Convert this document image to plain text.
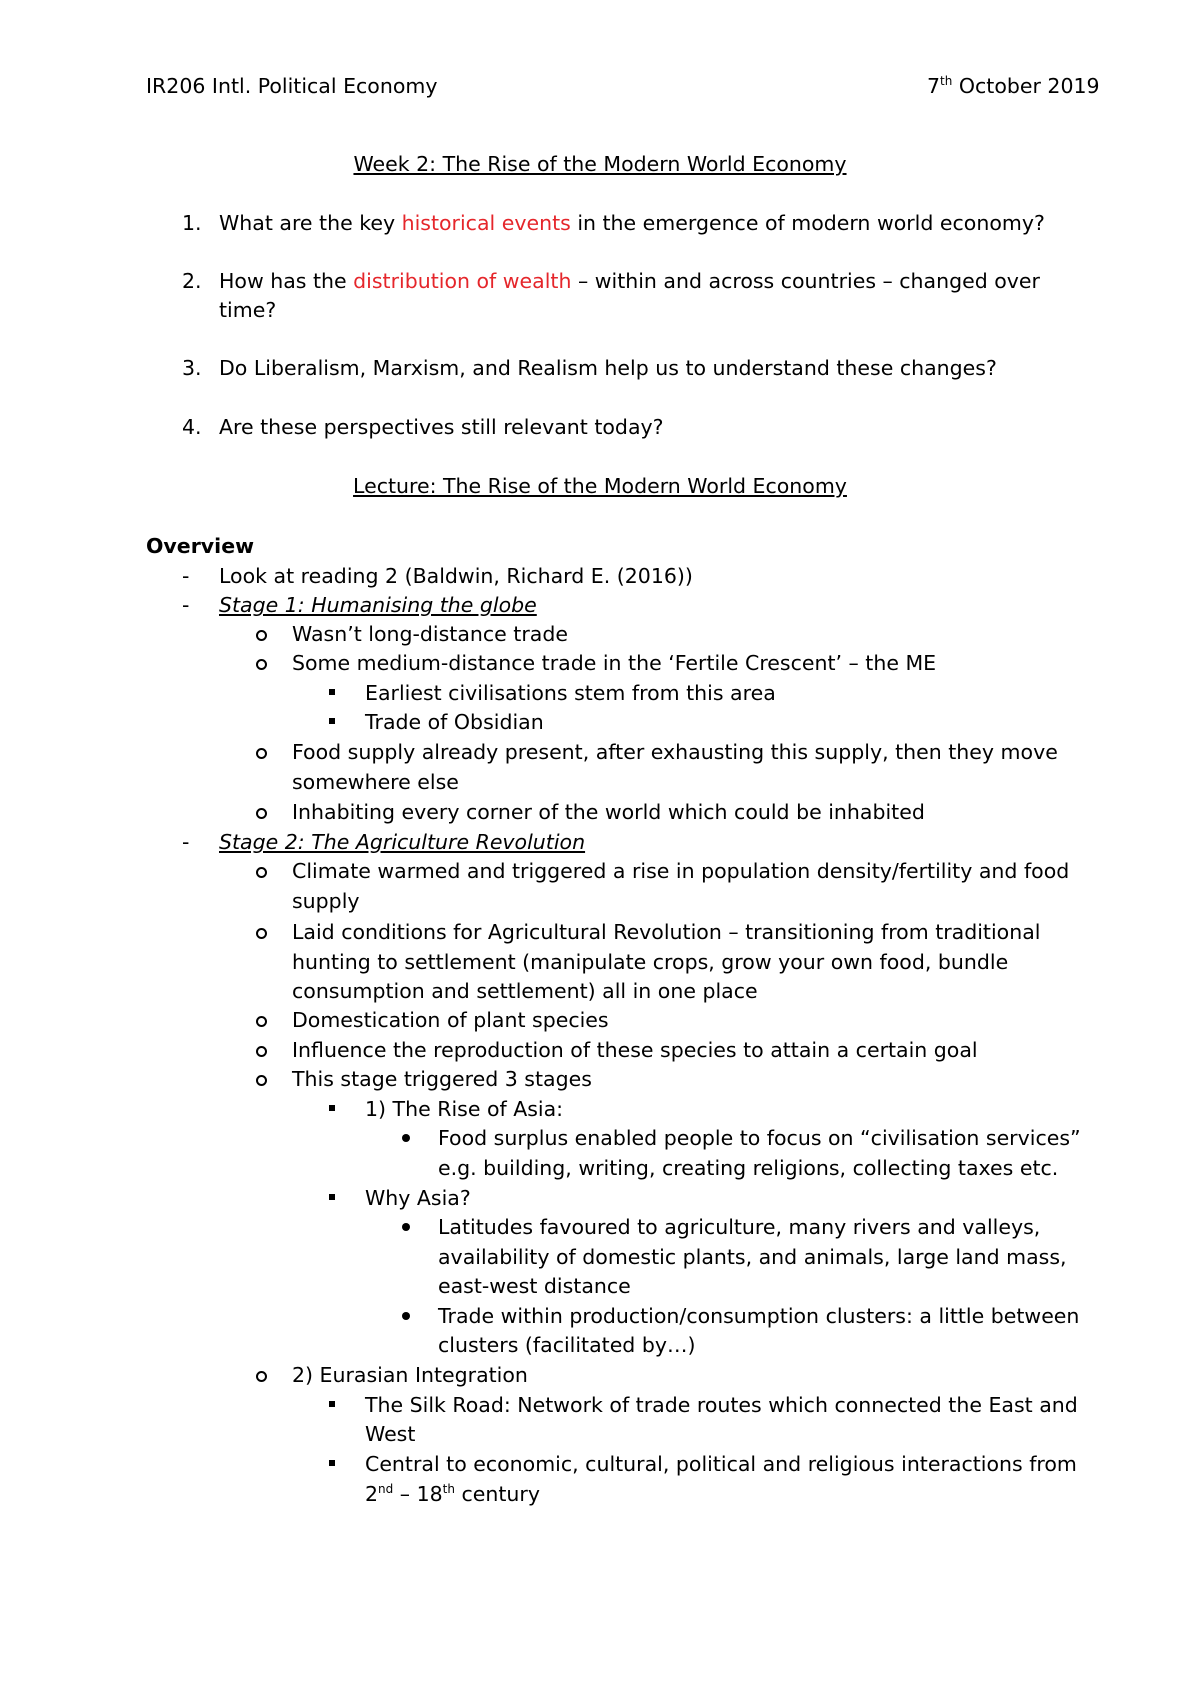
IR206 Intl. Political Economy	7th October 2019
Week 2: The Rise of the Modern World Economy
1. What are the key historical events in the emergence of modern world economy?
2. How has the distribution of wealth – within and across countries – changed over
time?
3. Do Liberalism, Marxism, and Realism help us to understand these changes?
4. Are these perspectives still relevant today?
Lecture: The Rise of the Modern World Economy
Overview
- Look at reading 2 (Baldwin, Richard E. (2016))
- Stage 1: Humanising the globe
Wasn’t long-distance trade
Some medium-distance trade in the ‘Fertile Crescent’ – the ME
Earliest civilisations stem from this area
Trade of Obsidian
Food supply already present, after exhausting this supply, then they move
somewhere else
Inhabiting every corner of the world which could be inhabited
- Stage 2: The Agriculture Revolution
Climate warmed and triggered a rise in population density/fertility and food
supply
Laid conditions for Agricultural Revolution – transitioning from traditional
hunting to settlement (manipulate crops, grow your own food, bundle
consumption and settlement) all in one place
Domestication of plant species
Influence the reproduction of these species to attain a certain goal
This stage triggered 3 stages
1) The Rise of Asia:
Food surplus enabled people to focus on “civilisation services”
e.g. building, writing, creating religions, collecting taxes etc.
Why Asia?
Latitudes favoured to agriculture, many rivers and valleys,
availability of domestic plants, and animals, large land mass,
east-west distance
Trade within production/consumption clusters: a little between
clusters (facilitated by…)
2) Eurasian Integration
The Silk Road: Network of trade routes which connected the East and
West
Central to economic, cultural, political and religious interactions from
2nd – 18th century
